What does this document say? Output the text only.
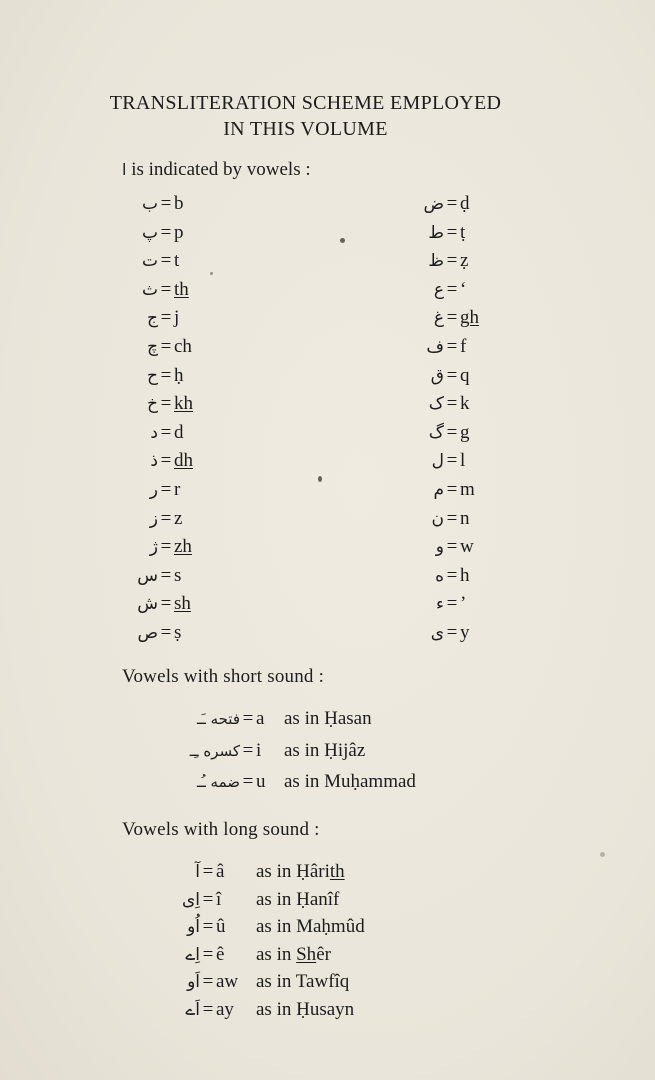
TRANSLITERATION SCHEME EMPLOYED
IN THIS VOLUME
ا is indicated by vowels :
ب = b
پ = p
ت = t
ث = th
ج = j
چ = ch
ح = ḥ
خ = kh
د = d
ذ = dh
ر = r
ز = z
ژ = zh
س = s
ش = sh
ص = ṣ
ض = ḍ
ط = ṭ
ظ = ẓ
ع = ‘
غ = gh
ف = f
ق = q
ک = k
گ = g
ل = l
م = m
ن = n
و = w
ه = h
ء = ’
ی = y
Vowels with short sound :
فتحه ـَـ = a as in Ḥasan
كسره ـِـ = i as in Ḥijâz
ضمه ـُـ = u as in Muḥammad
Vowels with long sound :
آ = â as in Ḥârith
اِی = î as in Ḥanîf
اُو = û as in Maḥmûd
اِے = ê as in Shêr
اَو = aw as in Tawfîq
اَے = ay as in Ḥusayn
